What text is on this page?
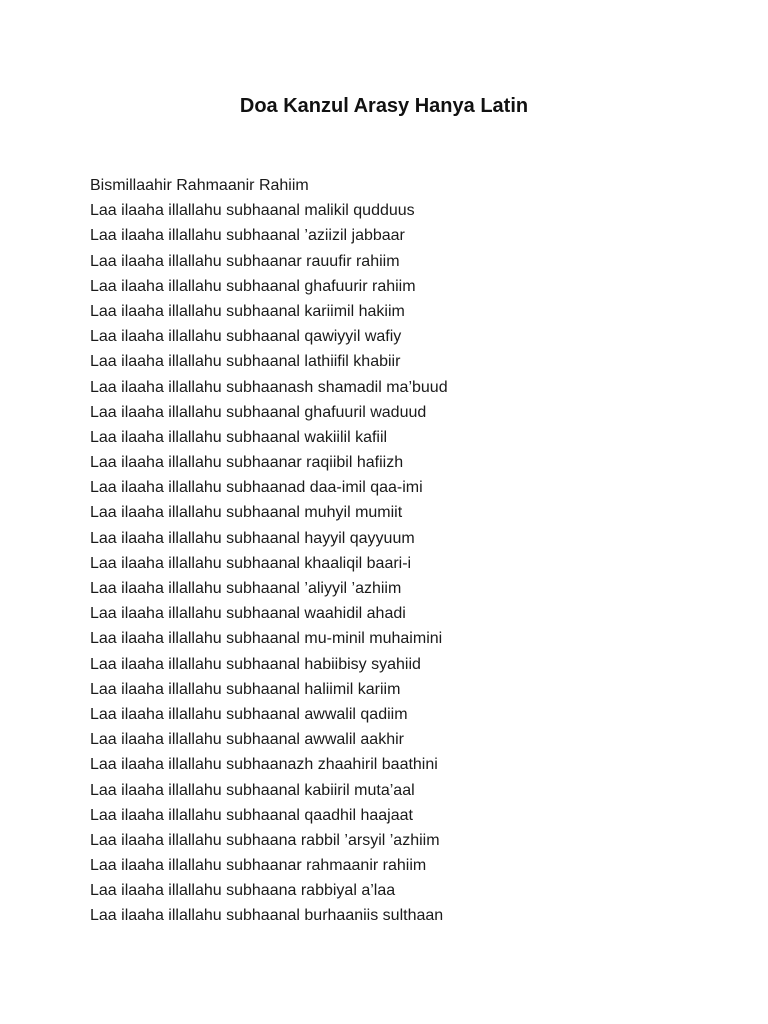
Doa Kanzul Arasy Hanya Latin
Bismillaahir Rahmaanir Rahiim
Laa ilaaha illallahu subhaanal malikil qudduus
Laa ilaaha illallahu subhaanal ’aziizil jabbaar
Laa ilaaha illallahu subhaanar rauufir rahiim
Laa ilaaha illallahu subhaanal ghafuurir rahiim
Laa ilaaha illallahu subhaanal kariimil hakiim
Laa ilaaha illallahu subhaanal qawiyyil wafiy
Laa ilaaha illallahu subhaanal lathiifil khabiir
Laa ilaaha illallahu subhaanash shamadil ma’buud
Laa ilaaha illallahu subhaanal ghafuuril waduud
Laa ilaaha illallahu subhaanal wakiilil kafiil
Laa ilaaha illallahu subhaanar raqiibil hafiizh
Laa ilaaha illallahu subhaanad daa-imil qaa-imi
Laa ilaaha illallahu subhaanal muhyil mumiit
Laa ilaaha illallahu subhaanal hayyil qayyuum
Laa ilaaha illallahu subhaanal khaaliqil baari-i
Laa ilaaha illallahu subhaanal ’aliyyil ’azhiim
Laa ilaaha illallahu subhaanal waahidil ahadi
Laa ilaaha illallahu subhaanal mu-minil muhaimini
Laa ilaaha illallahu subhaanal habiibisy syahiid
Laa ilaaha illallahu subhaanal haliimil kariim
Laa ilaaha illallahu subhaanal awwalil qadiim
Laa ilaaha illallahu subhaanal awwalil aakhir
Laa ilaaha illallahu subhaanazh zhaahiril baathini
Laa ilaaha illallahu subhaanal kabiiril muta’aal
Laa ilaaha illallahu subhaanal qaadhil haajaat
Laa ilaaha illallahu subhaana rabbil ’arsyil ’azhiim
Laa ilaaha illallahu subhaanar rahmaanir rahiim
Laa ilaaha illallahu subhaana rabbiyal a’laa
Laa ilaaha illallahu subhaanal burhaaniis sulthaan
